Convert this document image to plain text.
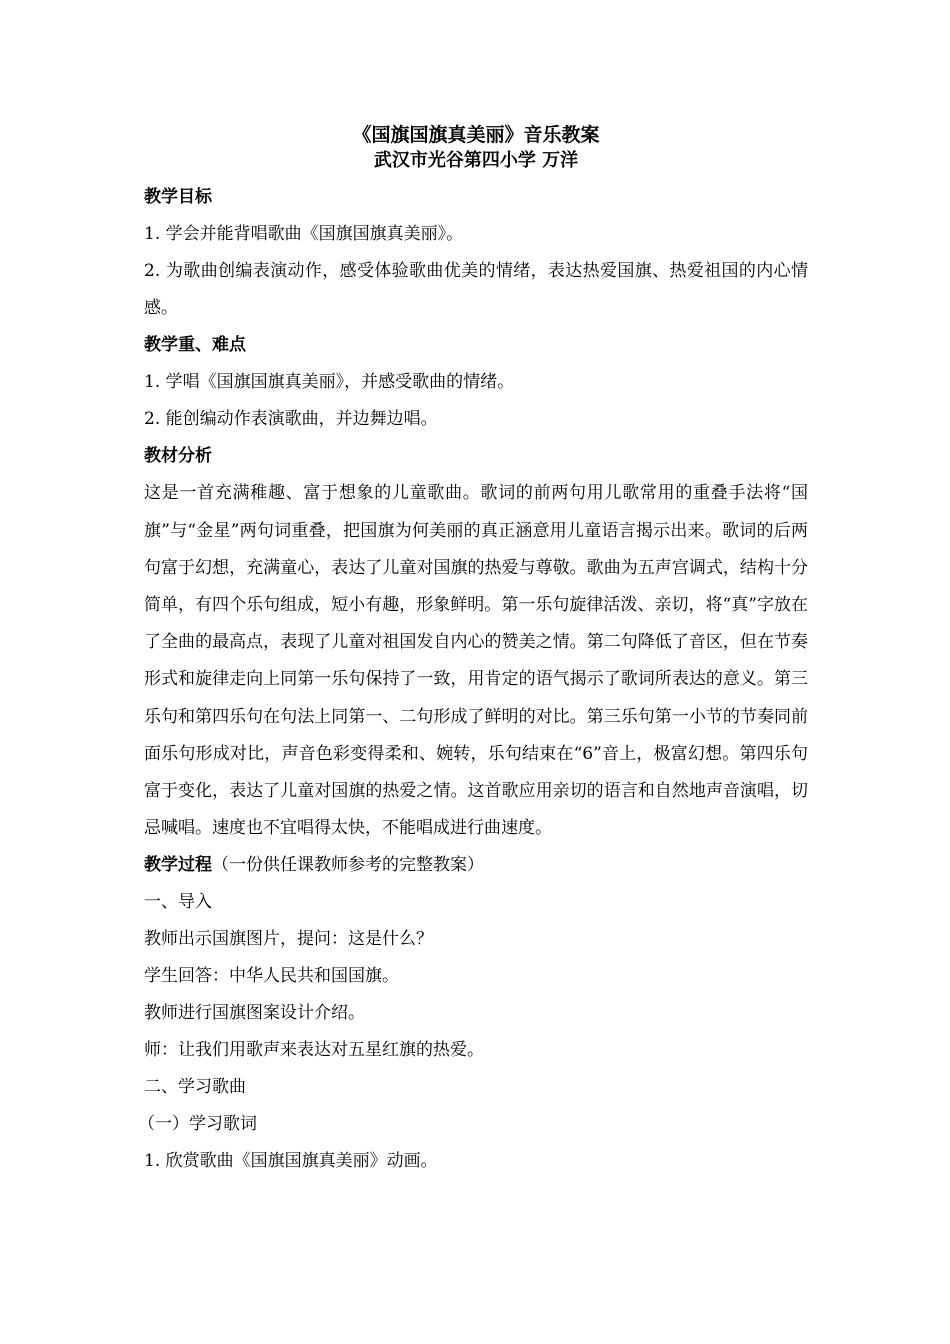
《国旗国旗真美丽》音乐教案

武汉市光谷第四小学 万洋

教学目标

1. 学会并能背唱歌曲《国旗国旗真美丽》。

2. 为歌曲创编表演动作，感受体验歌曲优美的情绪，表达热爱国旗、热爱祖国的内心情感。

教学重、难点

1. 学唱《国旗国旗真美丽》，并感受歌曲的情绪。

2. 能创编动作表演歌曲，并边舞边唱。

教材分析

这是一首充满稚趣、富于想象的儿童歌曲。歌词的前两句用儿歌常用的重叠手法将“国旗”与“金星”两句词重叠，把国旗为何美丽的真正涵意用儿童语言揭示出来。歌词的后两句富于幻想，充满童心，表达了儿童对国旗的热爱与尊敬。歌曲为五声宫调式，结构十分简单，有四个乐句组成，短小有趣，形象鲜明。第一乐句旋律活泼、亲切，将“真”字放在了全曲的最高点，表现了儿童对祖国发自内心的赞美之情。第二句降低了音区，但在节奏形式和旋律走向上同第一乐句保持了一致，用肯定的语气揭示了歌词所表达的意义。第三乐句和第四乐句在句法上同第一、二句形成了鲜明的对比。第三乐句第一小节的节奏同前面乐句形成对比，声音色彩变得柔和、婉转，乐句结束在“6”音上，极富幻想。第四乐句富于变化，表达了儿童对国旗的热爱之情。这首歌应用亲切的语言和自然地声音演唱，切忌喊唱。速度也不宜唱得太快，不能唱成进行曲速度。

教学过程（一份供任课教师参考的完整教案）

一、导入

教师出示国旗图片，提问：这是什么？

学生回答：中华人民共和国国旗。

教师进行国旗图案设计介绍。

师：让我们用歌声来表达对五星红旗的热爱。

二、学习歌曲

（一）学习歌词

1. 欣赏歌曲《国旗国旗真美丽》动画。
